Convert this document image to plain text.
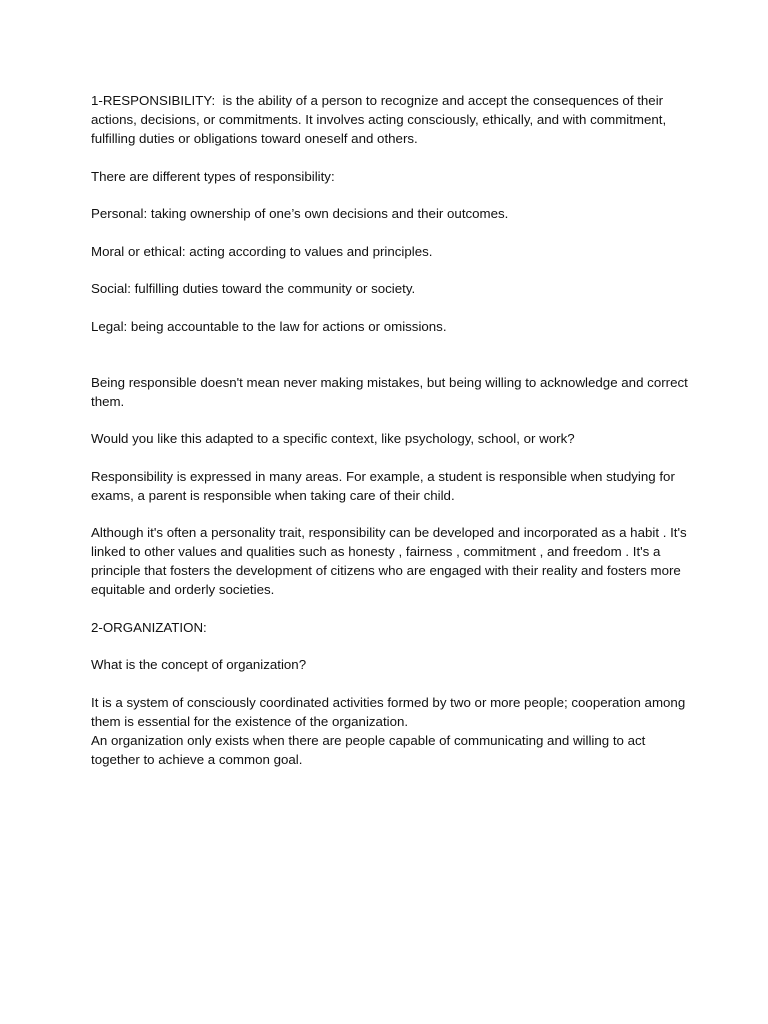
1-RESPONSIBILITY:  is the ability of a person to recognize and accept the consequences of their actions, decisions, or commitments. It involves acting consciously, ethically, and with commitment, fulfilling duties or obligations toward oneself and others.

There are different types of responsibility:

Personal: taking ownership of one’s own decisions and their outcomes.

Moral or ethical: acting according to values and principles.

Social: fulfilling duties toward the community or society.

Legal: being accountable to the law for actions or omissions.

Being responsible doesn't mean never making mistakes, but being willing to acknowledge and correct them.

Would you like this adapted to a specific context, like psychology, school, or work?

Responsibility is expressed in many areas. For example, a student is responsible when studying for exams, a parent is responsible when taking care of their child.

Although it's often a personality trait, responsibility can be developed and incorporated as a habit . It's linked to other values and qualities such as honesty , fairness , commitment , and freedom . It's a principle that fosters the development of citizens who are engaged with their reality and fosters more equitable and orderly societies.

2-ORGANIZATION:

What is the concept of organization?

It is a system of consciously coordinated activities formed by two or more people; cooperation among them is essential for the existence of the organization.

An organization only exists when there are people capable of communicating and willing to act together to achieve a common goal.
